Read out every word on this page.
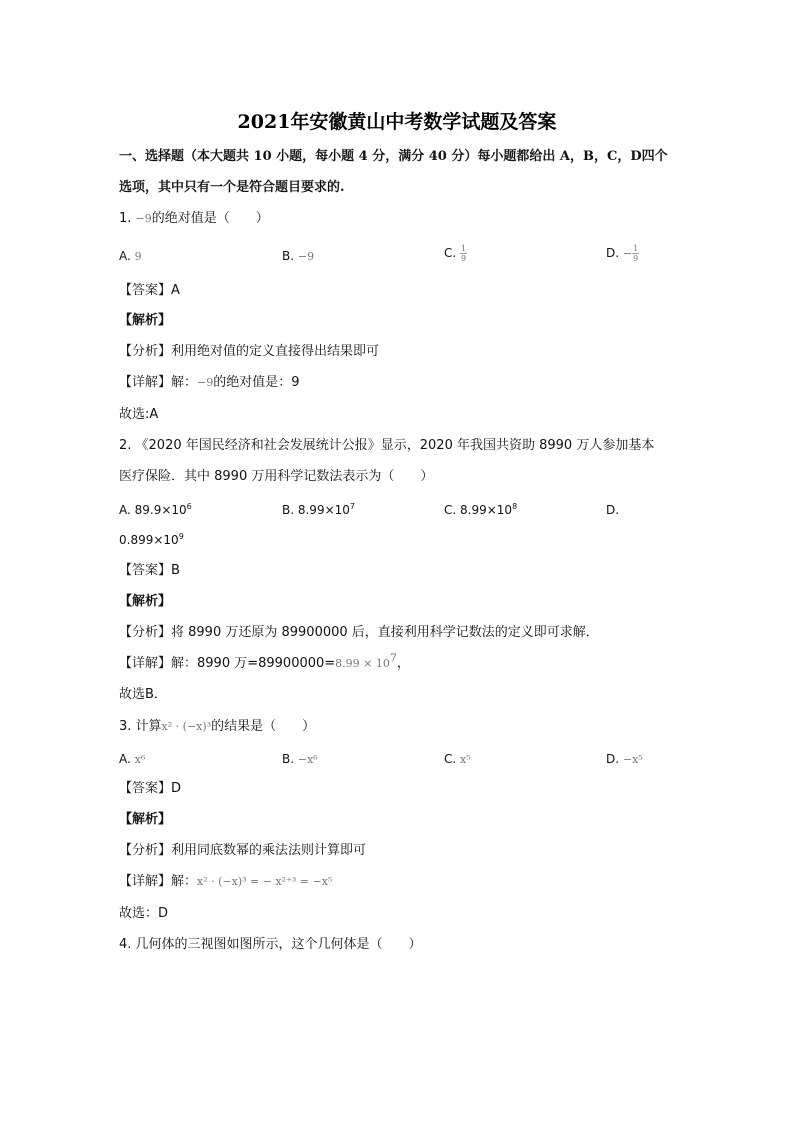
2021年安徽黄山中考数学试题及答案
一、选择题（本大题共 10 小题，每小题 4 分，满分 40 分）每小题都给出 A，B，C，D四个
选项，其中只有一个是符合题目要求的.
1. −9的绝对值是（　　）
A. 9	B. −9	C. $\frac{1}{9}$	D. − $\frac{1}{9}$
【答案】A
【解析】
【分析】利用绝对值的定义直接得出结果即可
【详解】解：−9的绝对值是：9
故选:A
2. 《2020 年国民经济和社会发展统计公报》显示，2020 年我国共资助 8990 万人参加基本
医疗保险．其中 8990 万用科学记数法表示为（　　）
A. $89.9\times 10^6$	B. $8.99\times 10^7$	C. $8.99\times 10^8$	D.
$0.899\times 10^9$
【答案】B
【解析】
【分析】将 8990 万还原为 89900000 后，直接利用科学记数法的定义即可求解．
【详解】解：8990 万$=89900000=8.99 \times 10^7$，
故选B．
3. 计算x² · (−x)³的结果是（　　）
A. x⁶	B. −x⁶	C. x⁵	D. −x⁵
【答案】D
【解析】
【分析】利用同底数幂的乘法法则计算即可
【详解】解：x² · (−x)³ = − x²⁺³ = −x⁵
故选：D
4. 几何体的三视图如图所示，这个几何体是（　　）
